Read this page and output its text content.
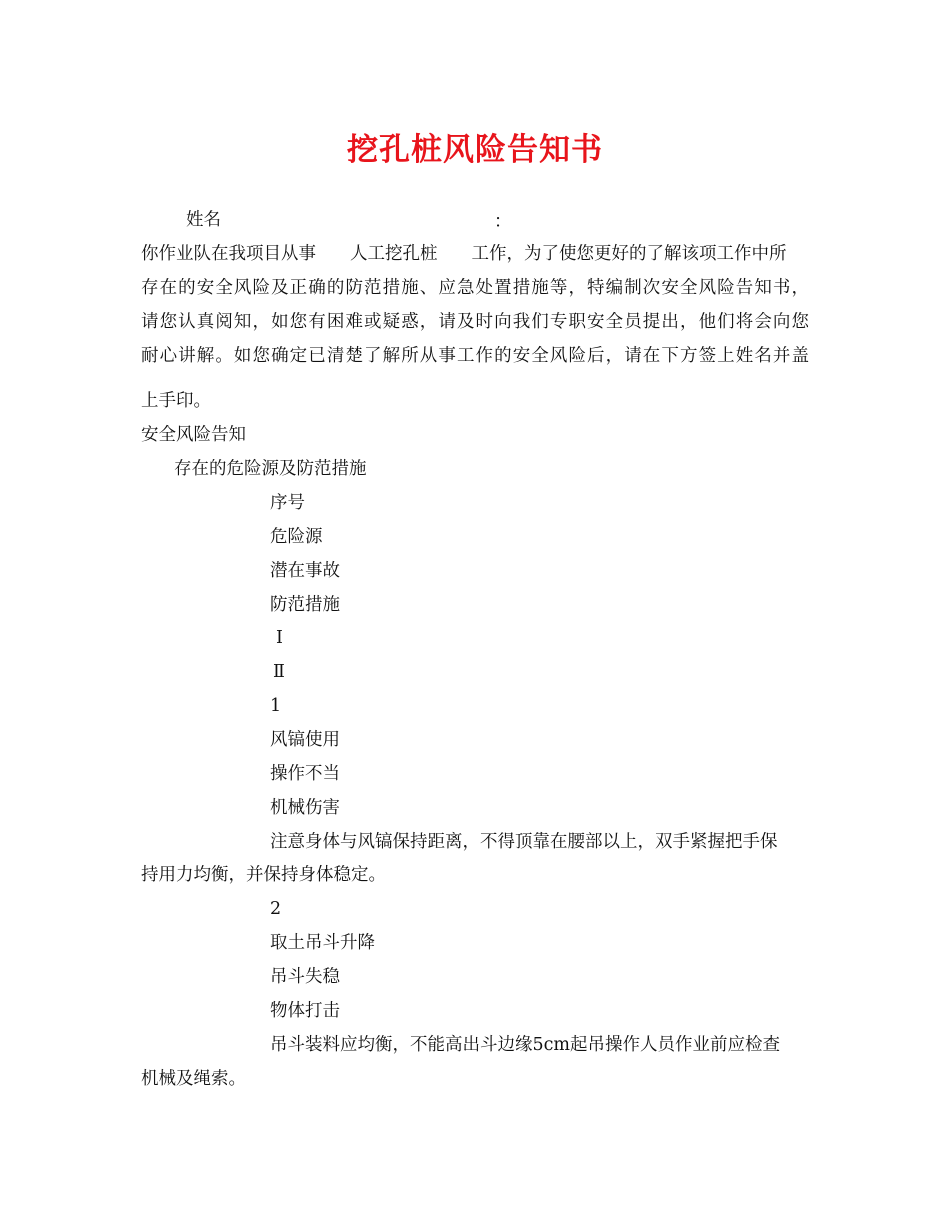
挖孔桩风险告知书
姓名	：
你作业队在我项目从事 人工挖孔桩 工作，为了使您更好的了解该项工作中所
存在的安全风险及正确的防范措施、应急处置措施等，特编制次安全风险告知书，
请您认真阅知，如您有困难或疑惑，请及时向我们专职安全员提出，他们将会向您
耐心讲解。如您确定已清楚了解所从事工作的安全风险后，请在下方签上姓名并盖
上手印。
安全风险告知
存在的危险源及防范措施
序号
危险源
潜在事故
防范措施
Ⅰ
Ⅱ
1
风镐使用
操作不当
机械伤害
注意身体与风镐保持距离，不得顶靠在腰部以上，双手紧握把手保
持用力均衡，并保持身体稳定。
2
取土吊斗升降
吊斗失稳
物体打击
吊斗装料应均衡，不能高出斗边缘5cm起吊操作人员作业前应检查
机械及绳索。
